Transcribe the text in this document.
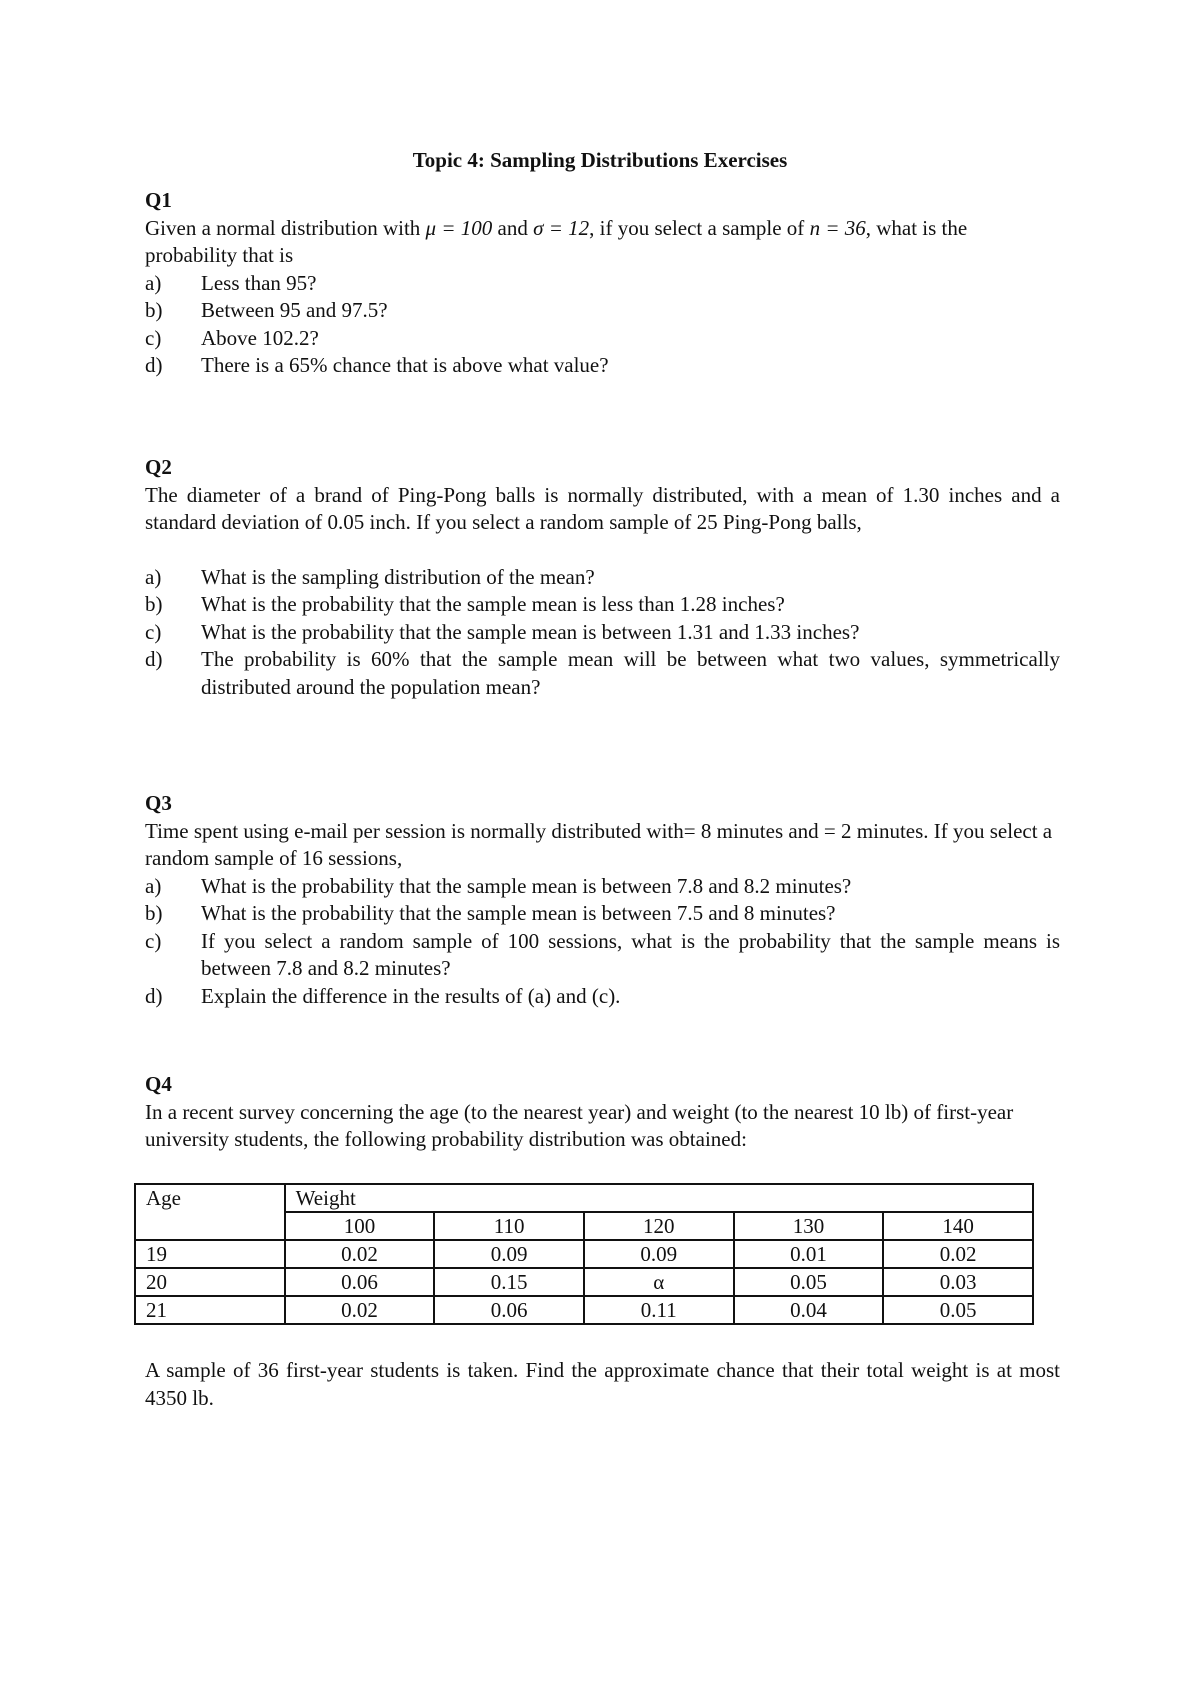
Topic 4: Sampling Distributions Exercises

Q1

Given a normal distribution with μ = 100 and σ = 12, if you select a sample of n = 36, what is the probability that is

a) Less than 95?
b) Between 95 and 97.5?
c) Above 102.2?
d) There is a 65% chance that is above what value?

Q2

The diameter of a brand of Ping-Pong balls is normally distributed, with a mean of 1.30 inches and a standard deviation of 0.05 inch. If you select a random sample of 25 Ping-Pong balls,

a) What is the sampling distribution of the mean?
b) What is the probability that the sample mean is less than 1.28 inches?
c) What is the probability that the sample mean is between 1.31 and 1.33 inches?
d) The probability is 60% that the sample mean will be between what two values, symmetrically distributed around the population mean?

Q3

Time spent using e-mail per session is normally distributed with= 8 minutes and = 2 minutes. If you select a random sample of 16 sessions,

a) What is the probability that the sample mean is between 7.8 and 8.2 minutes?
b) What is the probability that the sample mean is between 7.5 and 8 minutes?
c) If you select a random sample of 100 sessions, what is the probability that the sample means is between 7.8 and 8.2 minutes?
d) Explain the difference in the results of (a) and (c).

Q4

In a recent survey concerning the age (to the nearest year) and weight (to the nearest 10 lb) of first-year university students, the following probability distribution was obtained:

Age	Weight				
	100	110	120	130	140
19	0.02	0.09	0.09	0.01	0.02
20	0.06	0.15	α	0.05	0.03
21	0.02	0.06	0.11	0.04	0.05

A sample of 36 first-year students is taken. Find the approximate chance that their total weight is at most 4350 lb.
